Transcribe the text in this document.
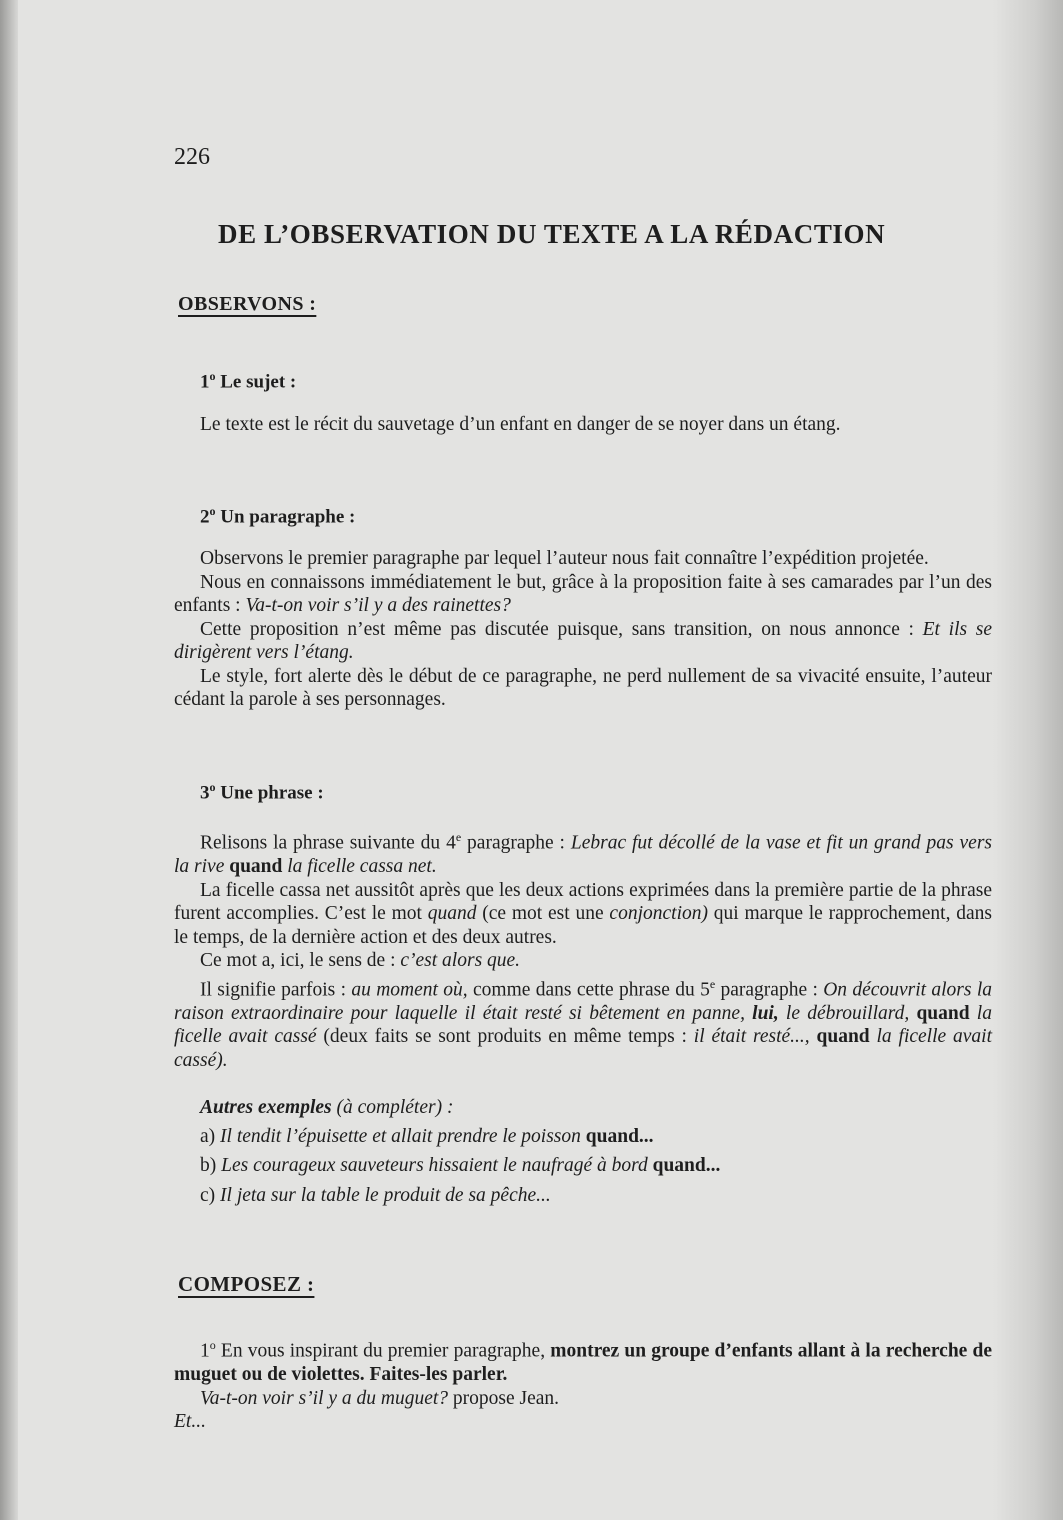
226
DE L’OBSERVATION DU TEXTE A LA RÉDACTION
OBSERVONS :
1$^o$ Le sujet :
Le texte est le récit du sauvetage d’un enfant en danger de se noyer dans un étang.
2$^o$ Un paragraphe :

Observons le premier paragraphe par lequel l’auteur nous fait connaître l’expédition projetée.

Nous en connaissons immédiatement le but, grâce à la proposition faite à ses camarades par l’un des enfants : Va-t-on voir s’il y a des rainettes?

Cette proposition n’est même pas discutée puisque, sans transition, on nous annonce : Et ils se dirigèrent vers l’étang.

Le style, fort alerte dès le début de ce paragraphe, ne perd nullement de sa vivacité ensuite, l’auteur cédant la parole à ses personnages.

3$^o$ Une phrase :

Relisons la phrase suivante du 4e paragraphe : Lebrac fut décollé de la vase et fit un grand pas vers la rive quand la ficelle cassa net.

La ficelle cassa net aussitôt après que les deux actions exprimées dans la première partie de la phrase furent accomplies. C’est le mot quand (ce mot est une conjonction) qui marque le rapprochement, dans le temps, de la dernière action et des deux autres.

Ce mot a, ici, le sens de : c’est alors que.

Il signifie parfois : au moment où, comme dans cette phrase du 5e paragraphe : On découvrit alors la raison extraordinaire pour laquelle il était resté si bêtement en panne, lui, le débrouillard, quand la ficelle avait cassé (deux faits se sont produits en même temps : il était resté..., quand la ficelle avait cassé).

Autres exemples (à compléter) :
a) Il tendit l’épuisette et allait prendre le poisson quand...
b) Les courageux sauveteurs hissaient le naufragé à bord quand...
c) Il jeta sur la table le produit de sa pêche...
COMPOSEZ :

1$^o$ En vous inspirant du premier paragraphe, montrez un groupe d’enfants allant à la recherche de muguet ou de violettes. Faites-les parler.

Va-t-on voir s’il y a du muguet? propose Jean.

Et...
